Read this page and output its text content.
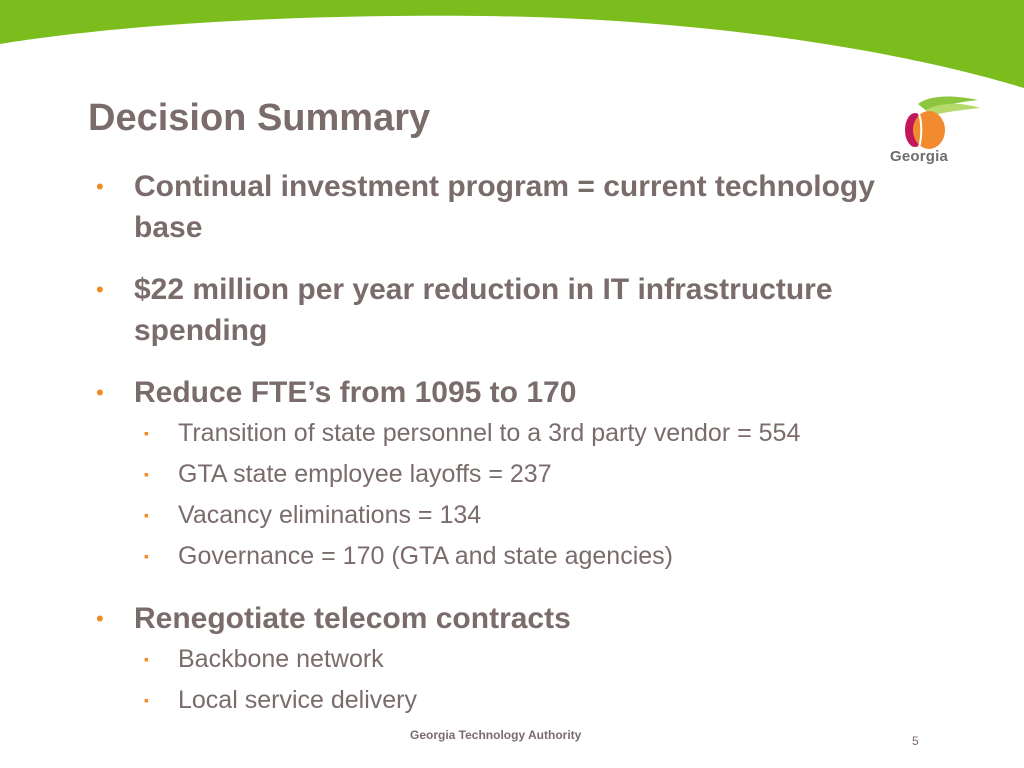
Decision Summary
Georgia
•	Continual investment program = current technology base
•	$22 million per year reduction in IT infrastructure spending
•	Reduce FTE’s from 1095 to 170
▪	Transition of state personnel to a 3rd party vendor = 554
▪	GTA state employee layoffs = 237
▪	Vacancy eliminations = 134
▪	Governance = 170 (GTA and state agencies)
•	Renegotiate telecom contracts
▪	Backbone network
▪	Local service delivery
Georgia Technology Authority	5
